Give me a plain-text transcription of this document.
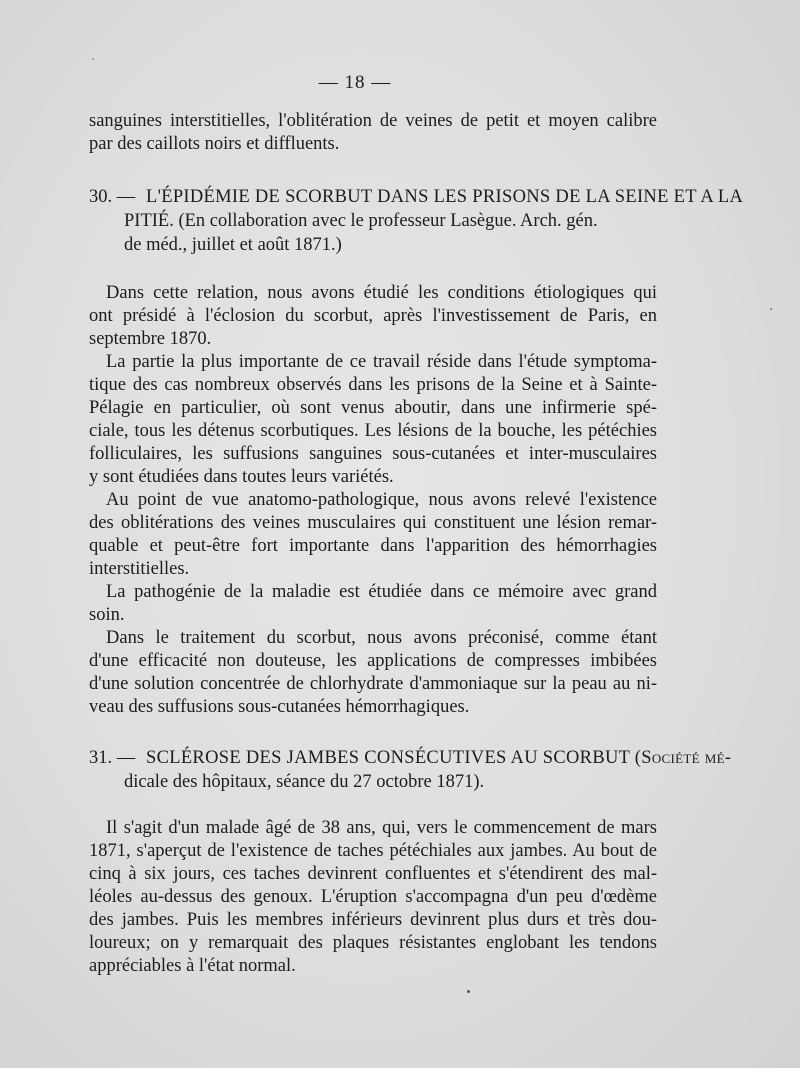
— 18 —
sanguines interstitielles, l'oblitération de veines de petit et moyen calibre
par des caillots noirs et diffluents.
30. — L'ÉPIDÉMIE DE SCORBUT DANS LES PRISONS DE LA SEINE ET A LA
PITIÉ. (En collaboration avec le professeur Lasègue. Arch. gén.
de méd., juillet et août 1871.)
Dans cette relation, nous avons étudié les conditions étiologiques qui
ont présidé à l'éclosion du scorbut, après l'investissement de Paris, en
septembre 1870.
La partie la plus importante de ce travail réside dans l'étude symptoma-
tique des cas nombreux observés dans les prisons de la Seine et à Sainte-
Pélagie en particulier, où sont venus aboutir, dans une infirmerie spé-
ciale, tous les détenus scorbutiques. Les lésions de la bouche, les pétéchies
folliculaires, les suffusions sanguines sous-cutanées et inter-musculaires
y sont étudiées dans toutes leurs variétés.
Au point de vue anatomo-pathologique, nous avons relevé l'existence
des oblitérations des veines musculaires qui constituent une lésion remar-
quable et peut-être fort importante dans l'apparition des hémorrhagies
interstitielles.
La pathogénie de la maladie est étudiée dans ce mémoire avec grand
soin.
Dans le traitement du scorbut, nous avons préconisé, comme étant
d'une efficacité non douteuse, les applications de compresses imbibées
d'une solution concentrée de chlorhydrate d'ammoniaque sur la peau au ni-
veau des suffusions sous-cutanées hémorrhagiques.
31. — SCLÉROSE DES JAMBES CONSÉCUTIVES AU SCORBUT (Société mé-
dicale des hôpitaux, séance du 27 octobre 1871).
Il s'agit d'un malade âgé de 38 ans, qui, vers le commencement de mars
1871, s'aperçut de l'existence de taches pétéchiales aux jambes. Au bout de
cinq à six jours, ces taches devinrent confluentes et s'étendirent des mal-
léoles au-dessus des genoux. L'éruption s'accompagna d'un peu d'œdème
des jambes. Puis les membres inférieurs devinrent plus durs et très dou-
loureux; on y remarquait des plaques résistantes englobant les tendons
appréciables à l'état normal.
